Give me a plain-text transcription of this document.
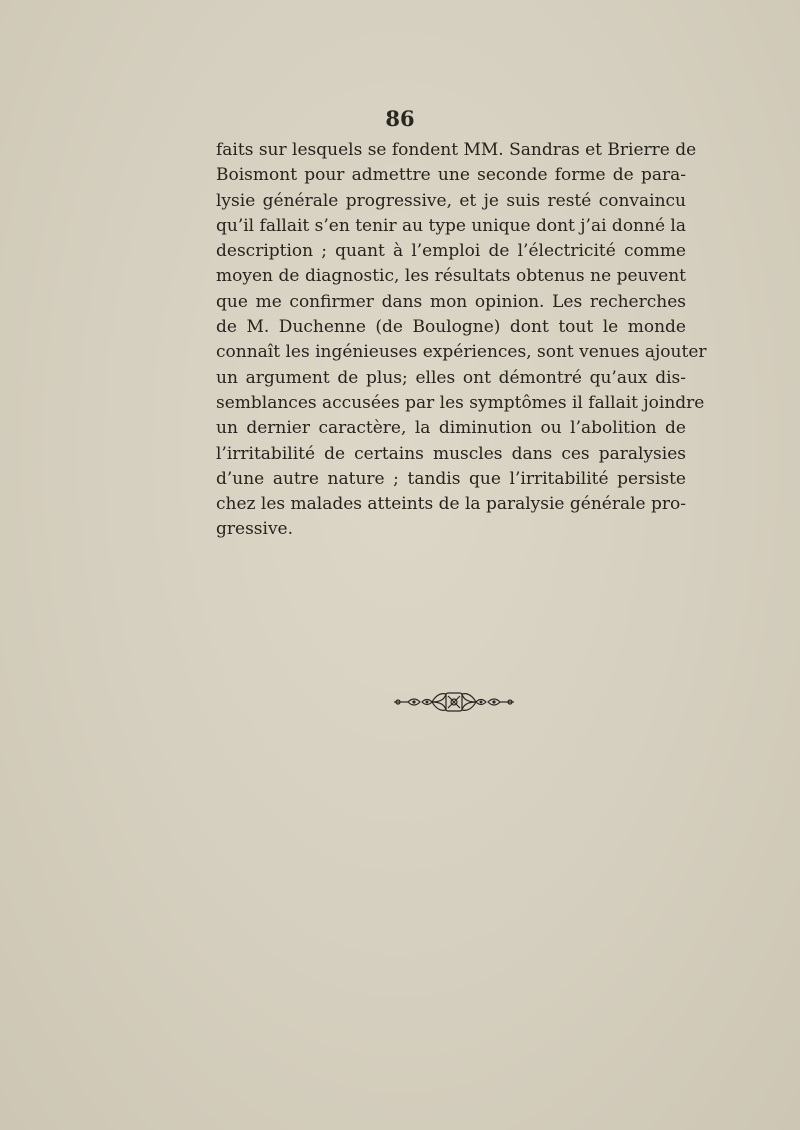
86

faits sur lesquels se fondent MM. Sandras et Brierre de
Boismont pour admettre une seconde forme de para-
lysie générale progressive, et je suis resté convaincu
qu’il fallait s’en tenir au type unique dont j’ai donné la
description ; quant à l’emploi de l’électricité comme
moyen de diagnostic, les résultats obtenus ne peuvent
que me confirmer dans mon opinion. Les recherches
de M. Duchenne (de Boulogne) dont tout le monde
connaît les ingénieuses expériences, sont venues ajouter
un argument de plus; elles ont démontré qu’aux dis-
semblances accusées par les symptômes il fallait joindre
un dernier caractère, la diminution ou l’abolition de
l’irritabilité de certains muscles dans ces paralysies
d’une autre nature ; tandis que l’irritabilité persiste
chez les malades atteints de la paralysie générale pro-
gressive.
